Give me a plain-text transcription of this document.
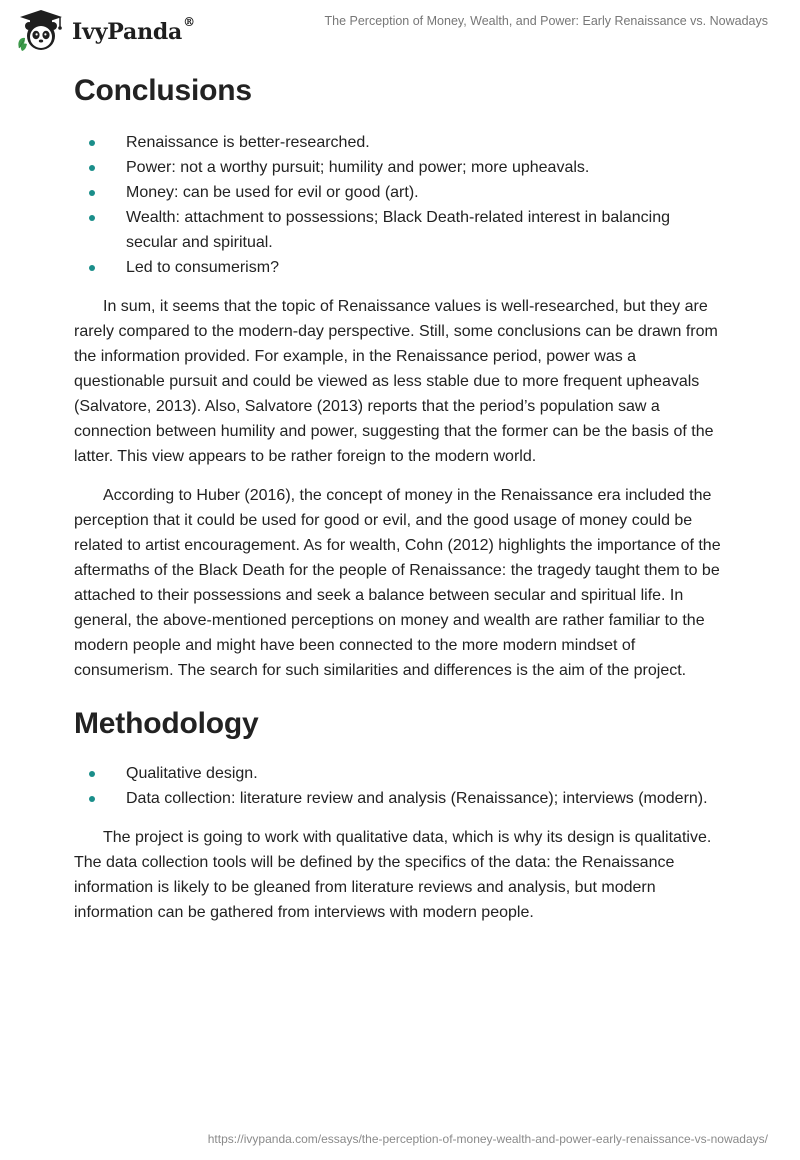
IvyPanda®	The Perception of Money, Wealth, and Power: Early Renaissance vs. Nowadays
Conclusions
Renaissance is better-researched.
Power: not a worthy pursuit; humility and power; more upheavals.
Money: can be used for evil or good (art).
Wealth: attachment to possessions; Black Death-related interest in balancing secular and spiritual.
Led to consumerism?

In sum, it seems that the topic of Renaissance values is well-researched, but they are rarely compared to the modern-day perspective. Still, some conclusions can be drawn from the information provided. For example, in the Renaissance period, power was a questionable pursuit and could be viewed as less stable due to more frequent upheavals (Salvatore, 2013). Also, Salvatore (2013) reports that the period’s population saw a connection between humility and power, suggesting that the former can be the basis of the latter. This view appears to be rather foreign to the modern world.

According to Huber (2016), the concept of money in the Renaissance era included the perception that it could be used for good or evil, and the good usage of money could be related to artist encouragement. As for wealth, Cohn (2012) highlights the importance of the aftermaths of the Black Death for the people of Renaissance: the tragedy taught them to be attached to their possessions and seek a balance between secular and spiritual life. In general, the above-mentioned perceptions on money and wealth are rather familiar to the modern people and might have been connected to the more modern mindset of consumerism. The search for such similarities and differences is the aim of the project.

Methodology
Qualitative design.
Data collection: literature review and analysis (Renaissance); interviews (modern).

The project is going to work with qualitative data, which is why its design is qualitative. The data collection tools will be defined by the specifics of the data: the Renaissance information is likely to be gleaned from literature reviews and analysis, but modern information can be gathered from interviews with modern people.

https://ivypanda.com/essays/the-perception-of-money-wealth-and-power-early-renaissance-vs-nowadays/
